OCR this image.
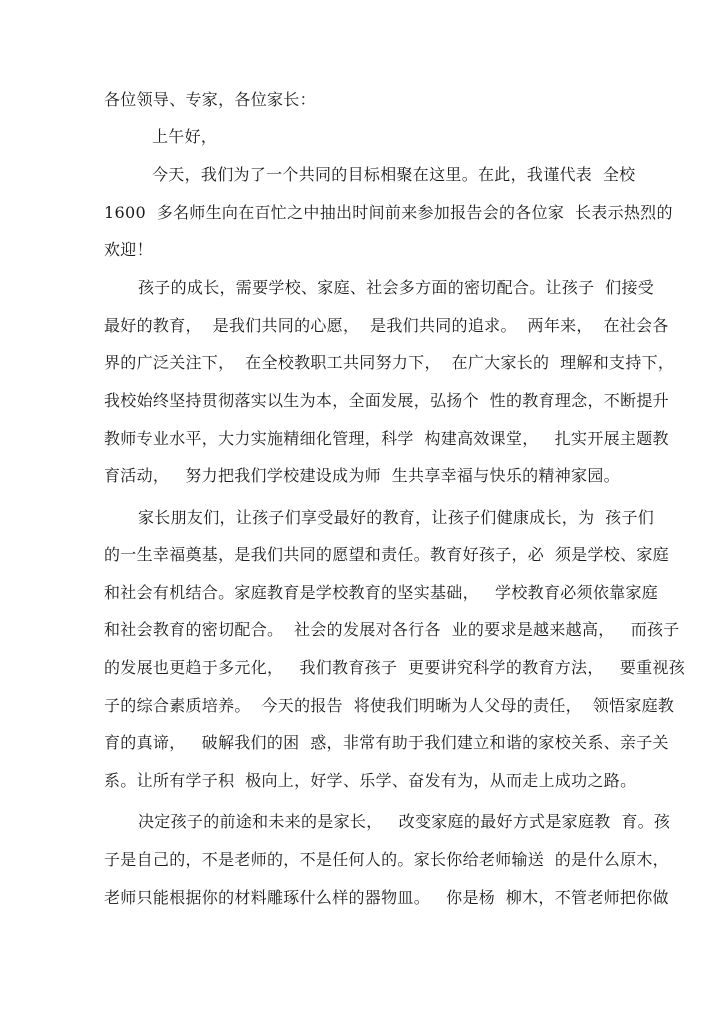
各位领导、专家，各位家长：
上午好，
今天，我们为了一个共同的目标相聚在这里。在此，我谨代表  全校
1600  多名师生向在百忙之中抽出时间前来参加报告会的各位家  长表示热烈的
欢迎！
孩子的成长，需要学校、家庭、社会多方面的密切配合。让孩子  们接受
最好的教育，  是我们共同的心愿，  是我们共同的追求。  两年来，  在社会各
界的广泛关注下，  在全校教职工共同努力下，  在广大家长的  理解和支持下，
我校始终坚持贯彻落实以生为本，全面发展，弘扬个  性的教育理念，不断提升
教师专业水平，大力实施精细化管理，科学  构建高效课堂，   扎实开展主题教
育活动，   努力把我们学校建设成为师  生共享幸福与快乐的精神家园。
家长朋友们，让孩子们享受最好的教育，让孩子们健康成长，为  孩子们
的一生幸福奠基，是我们共同的愿望和责任。教育好孩子，必  须是学校、家庭
和社会有机结合。家庭教育是学校教育的坚实基础，   学校教育必须依靠家庭
和社会教育的密切配合。  社会的发展对各行各  业的要求是越来越高，   而孩子
的发展也更趋于多元化，   我们教育孩子  更要讲究科学的教育方法，   要重视孩
子的综合素质培养。  今天的报告  将使我们明晰为人父母的责任，  领悟家庭教
育的真谛，   破解我们的困  惑，非常有助于我们建立和谐的家校关系、亲子关
系。让所有学子积  极向上，好学、乐学、奋发有为，从而走上成功之路。
决定孩子的前途和未来的是家长，   改变家庭的最好方式是家庭教  育。孩
子是自己的，不是老师的，不是任何人的。家长你给老师输送  的是什么原木，
老师只能根据你的材料雕琢什么样的器物皿。   你是杨  柳木，不管老师把你做
